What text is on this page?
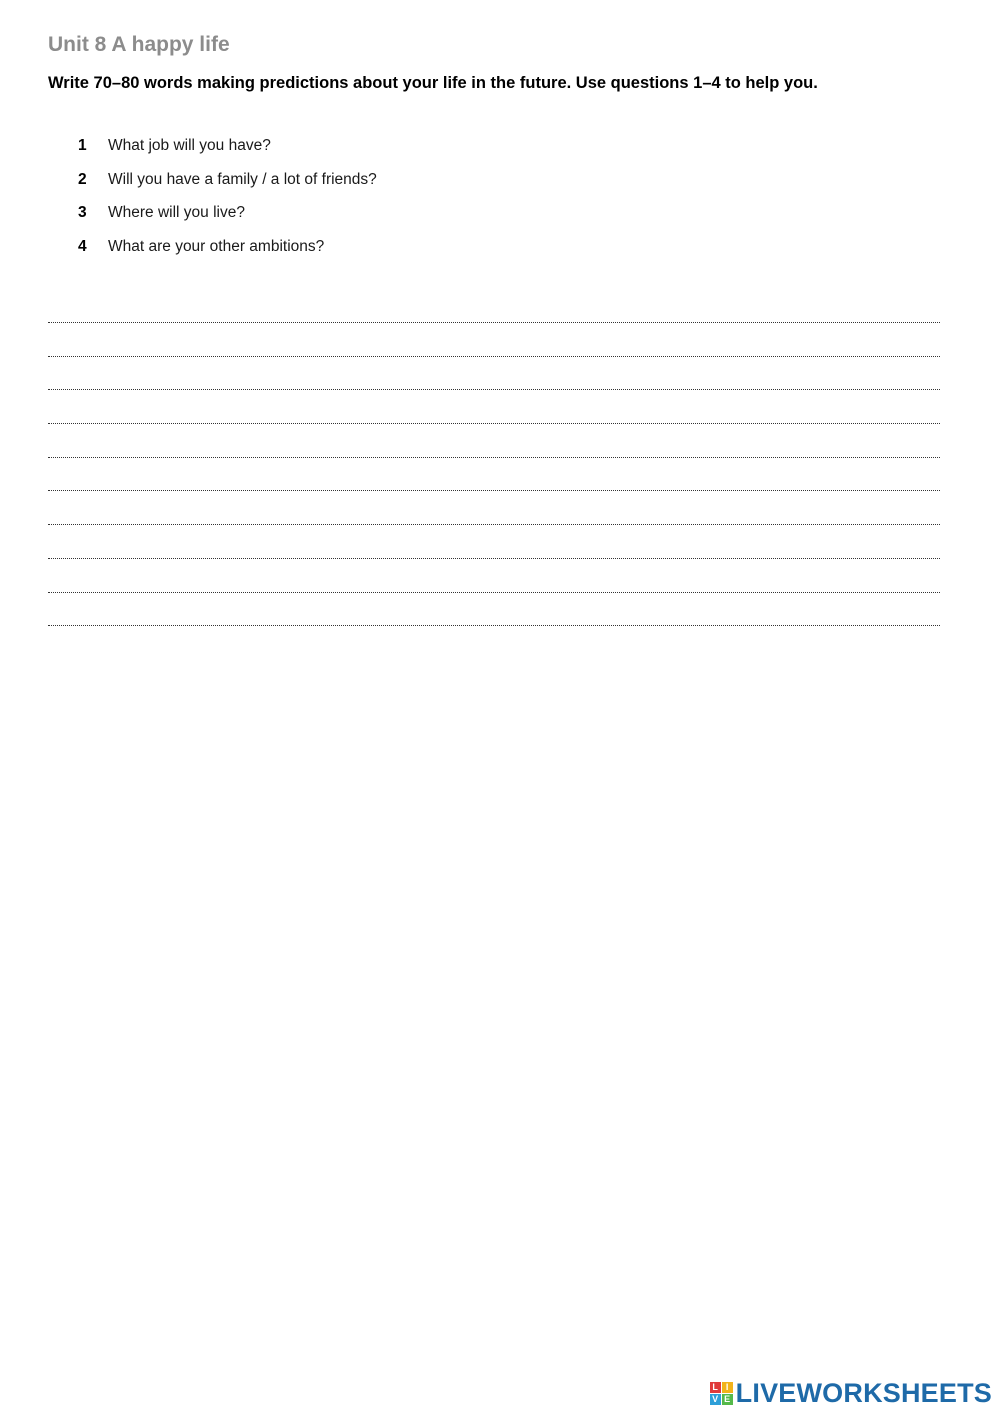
Unit 8 A happy life

Write 70–80 words making predictions about your life in the future. Use questions 1–4 to help you.

1	What job will you have?
2	Will you have a family / a lot of friends?
3	Where will you live?
4	What are your other ambitions?
L I
V E LIVEWORKSHEETS
